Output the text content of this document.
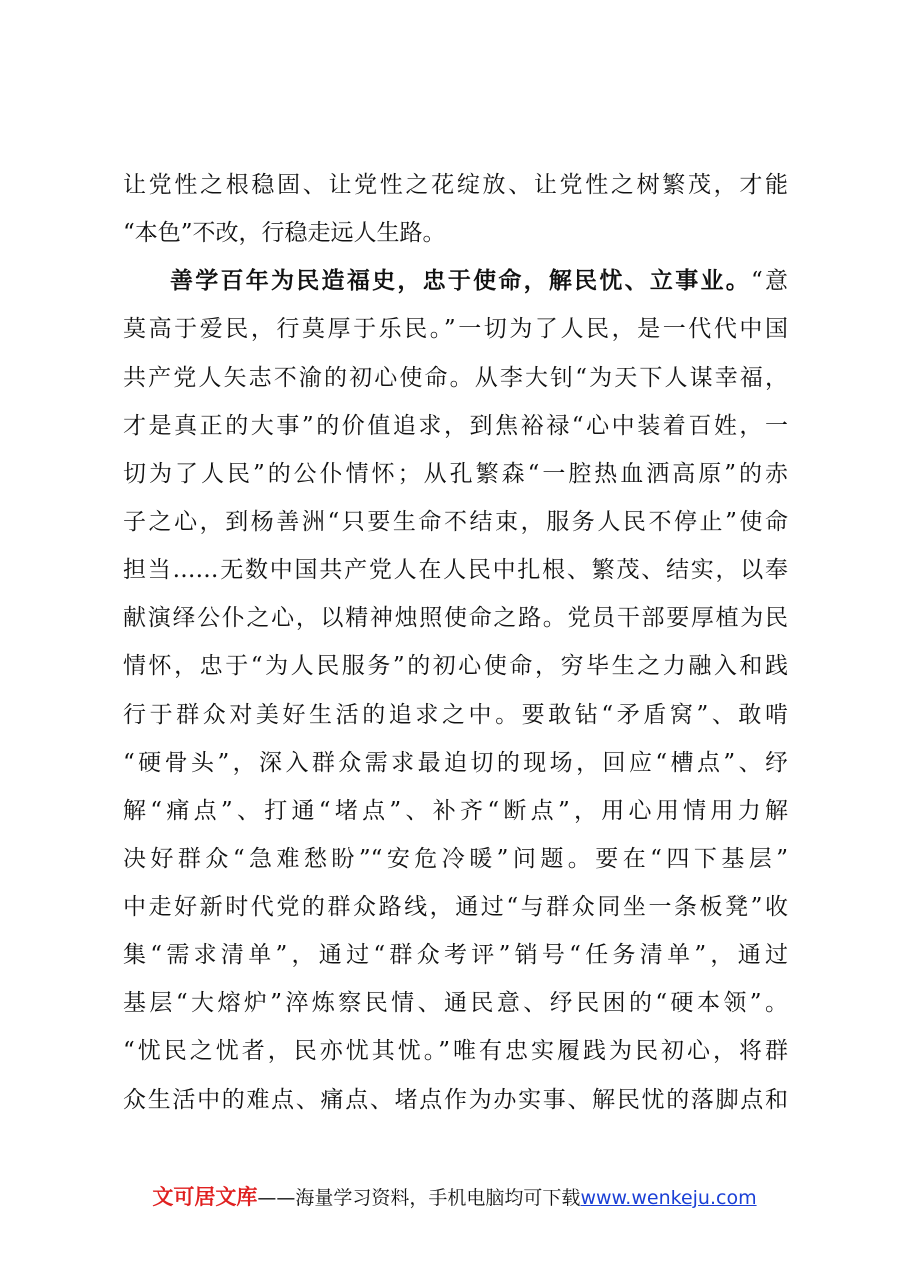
让党性之根稳固、让党性之花绽放、让党性之树繁茂，才能
“本色”不改，行稳走远人生路。
善学百年为民造福史，忠于使命，解民忧、立事业。“意
莫高于爱民，行莫厚于乐民。”一切为了人民，是一代代中国
共产党人矢志不渝的初心使命。从李大钊“为天下人谋幸福，
才是真正的大事”的价值追求，到焦裕禄“心中装着百姓，一
切为了人民”的公仆情怀；从孔繁森“一腔热血洒高原”的赤
子之心，到杨善洲“只要生命不结束，服务人民不停止”使命
担当……无数中国共产党人在人民中扎根、繁茂、结实，以奉
献演绎公仆之心，以精神烛照使命之路。党员干部要厚植为民
情怀，忠于“为人民服务”的初心使命，穷毕生之力融入和践
行于群众对美好生活的追求之中。要敢钻“矛盾窝”、敢啃
“硬骨头”，深入群众需求最迫切的现场，回应“槽点”、纾
解“痛点”、打通“堵点”、补齐“断点”，用心用情用力解
决好群众“急难愁盼”“安危冷暖”问题。要在“四下基层”
中走好新时代党的群众路线，通过“与群众同坐一条板凳”收
集“需求清单”，通过“群众考评”销号“任务清单”，通过
基层“大熔炉”淬炼察民情、通民意、纾民困的“硬本领”。
“忧民之忧者，民亦忧其忧。”唯有忠实履践为民初心，将群
众生活中的难点、痛点、堵点作为办实事、解民忧的落脚点和
文可居文库——海量学习资料，手机电脑均可下载www.wenkeju.com
